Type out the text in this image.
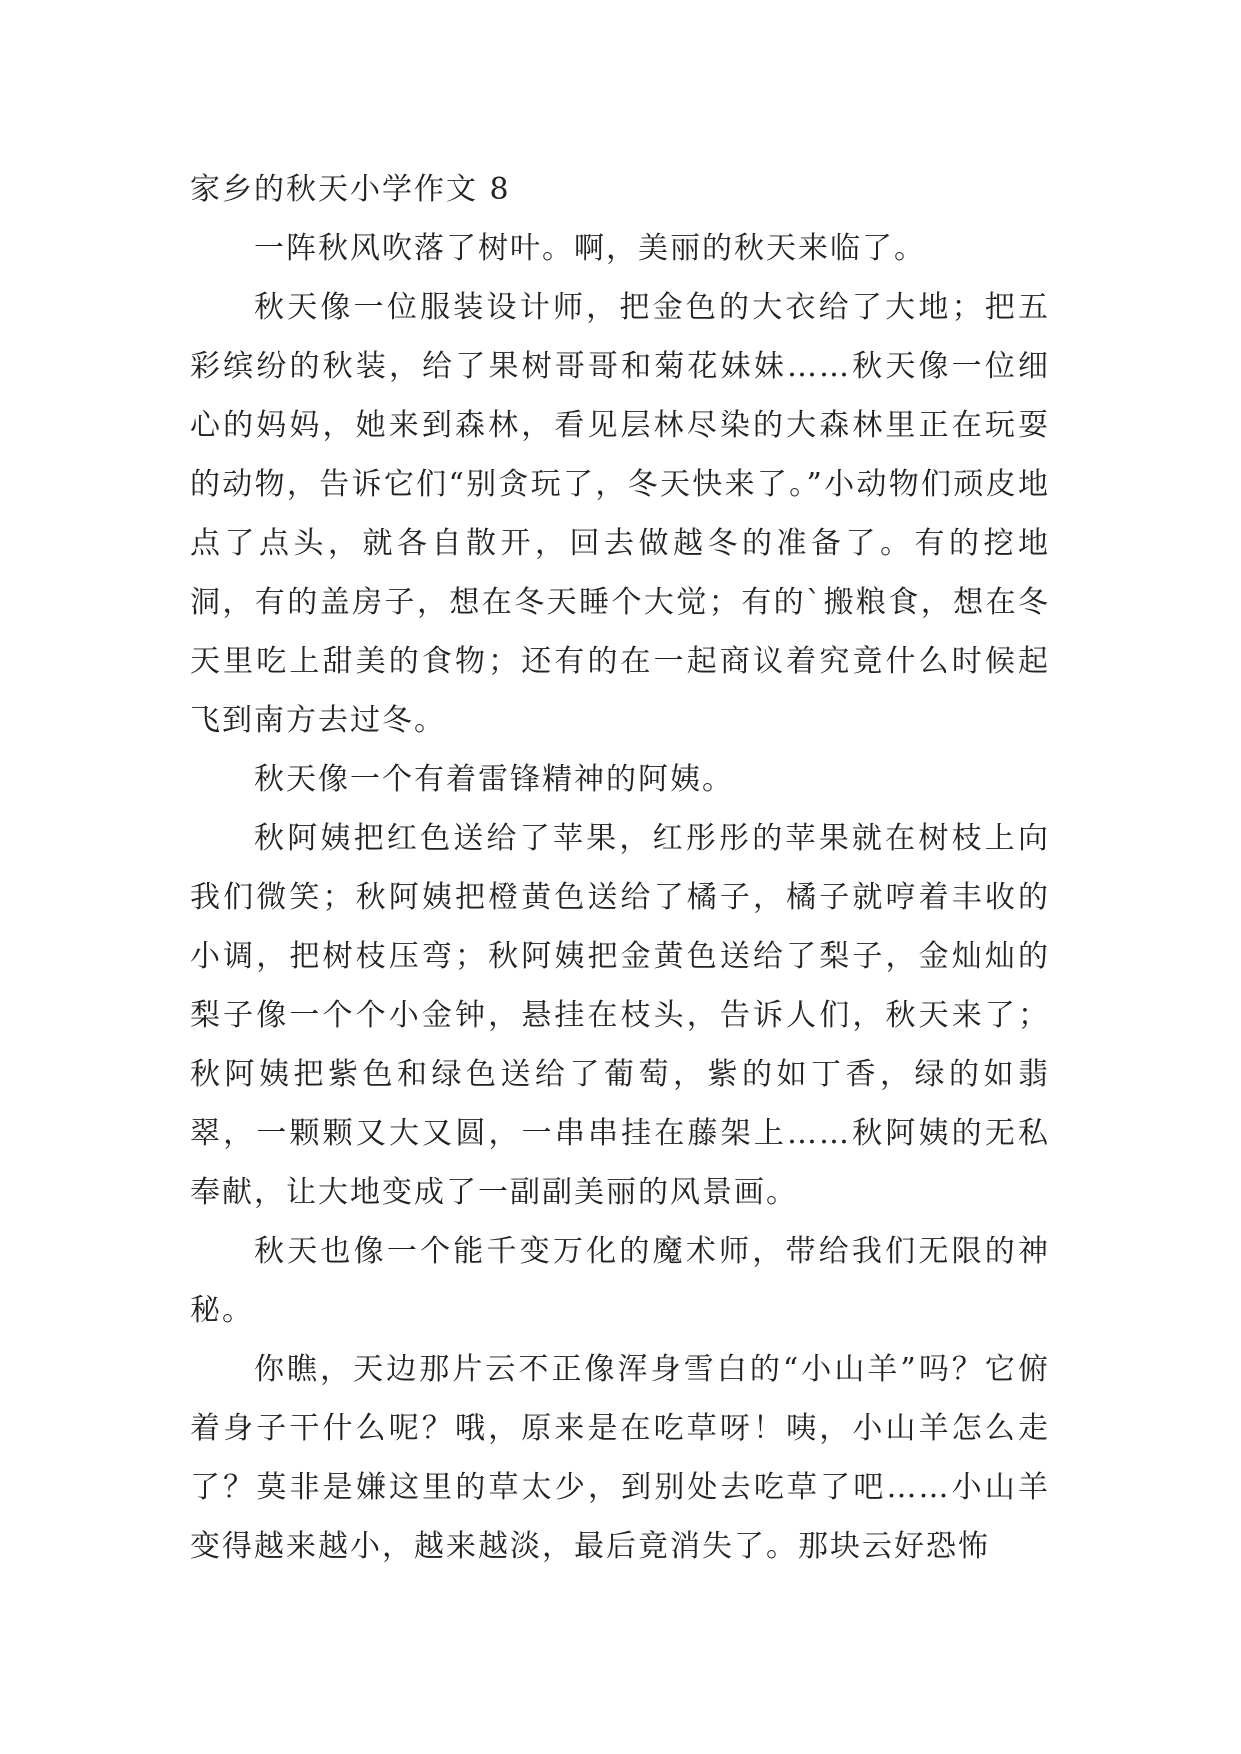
家乡的秋天小学作文 8

一阵秋风吹落了树叶。啊，美丽的秋天来临了。

秋天像一位服装设计师，把金色的大衣给了大地；把五彩缤纷的秋装，给了果树哥哥和菊花妹妹……秋天像一位细心的妈妈，她来到森林，看见层林尽染的大森林里正在玩耍的动物，告诉它们“别贪玩了，冬天快来了。”小动物们顽皮地点了点头，就各自散开，回去做越冬的准备了。有的挖地洞，有的盖房子，想在冬天睡个大觉；有的`搬粮食，想在冬天里吃上甜美的食物；还有的在一起商议着究竟什么时候起飞到南方去过冬。

秋天像一个有着雷锋精神的阿姨。

秋阿姨把红色送给了苹果，红彤彤的苹果就在树枝上向我们微笑；秋阿姨把橙黄色送给了橘子，橘子就哼着丰收的小调，把树枝压弯；秋阿姨把金黄色送给了梨子，金灿灿的梨子像一个个小金钟，悬挂在枝头，告诉人们，秋天来了；秋阿姨把紫色和绿色送给了葡萄，紫的如丁香，绿的如翡翠，一颗颗又大又圆，一串串挂在藤架上……秋阿姨的无私奉献，让大地变成了一副副美丽的风景画。

秋天也像一个能千变万化的魔术师，带给我们无限的神秘。

你瞧，天边那片云不正像浑身雪白的“小山羊”吗？它俯着身子干什么呢？哦，原来是在吃草呀！咦，小山羊怎么走了？莫非是嫌这里的草太少，到别处去吃草了吧……小山羊变得越来越小，越来越淡，最后竟消失了。那块云好恐怖
